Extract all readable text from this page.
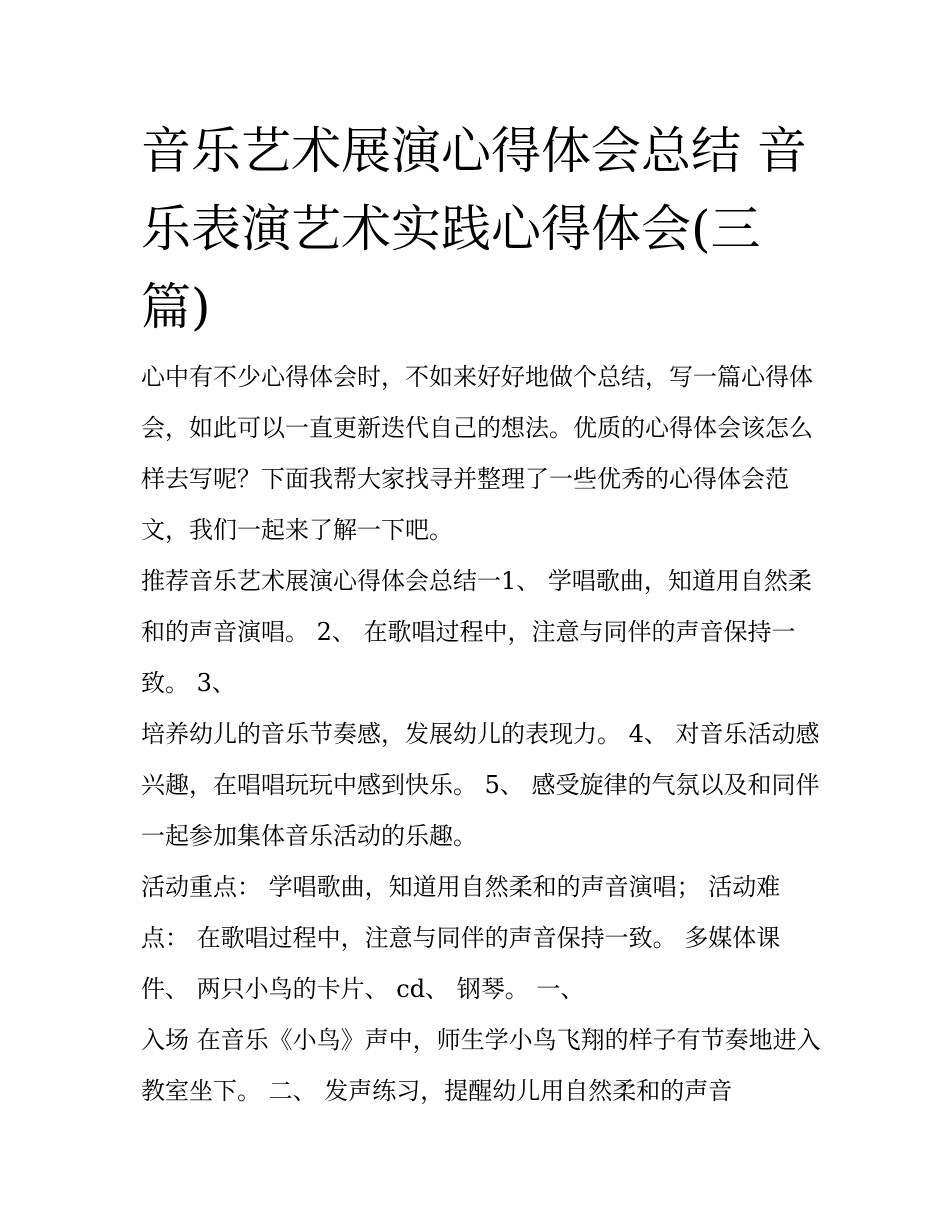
音乐艺术展演心得体会总结 音乐表演艺术实践心得体会(三篇)

心中有不少心得体会时，不如来好好地做个总结，写一篇心得体会，如此可以一直更新迭代自己的想法。优质的心得体会该怎么样去写呢？下面我帮大家找寻并整理了一些优秀的心得体会范文，我们一起来了解一下吧。

推荐音乐艺术展演心得体会总结一1、 学唱歌曲，知道用自然柔和的声音演唱。 2、 在歌唱过程中，注意与同伴的声音保持一致。 3、

培养幼儿的音乐节奏感，发展幼儿的表现力。 4、 对音乐活动感兴趣，在唱唱玩玩中感到快乐。 5、 感受旋律的气氛以及和同伴一起参加集体音乐活动的乐趣。

活动重点： 学唱歌曲，知道用自然柔和的声音演唱； 活动难点： 在歌唱过程中，注意与同伴的声音保持一致。 多媒体课件、 两只小鸟的卡片、 cd、 钢琴。 一、

入场 在音乐《小鸟》声中，师生学小鸟飞翔的样子有节奏地进入教室坐下。 二、 发声练习，提醒幼儿用自然柔和的声音
